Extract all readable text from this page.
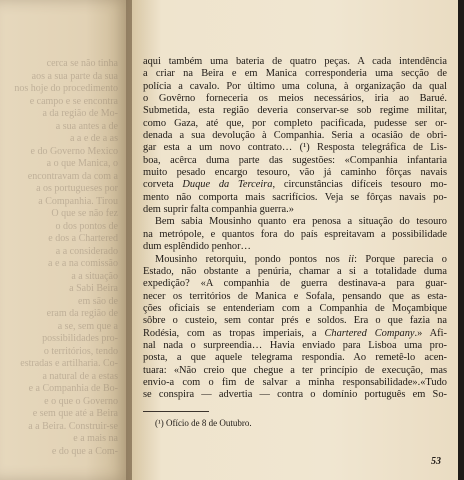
cerca se não tinha
aos a sua parte da sua
nos hoje do procedimento
e campo e se encontra
a da região de Mo-
a sua antes a de
a a e de a as
e do Governo Mexico
a o que Manica, o
encontravam da com a
a os portugueses por
a Companhia. Tirou
O que se não fez
o dos pontos de
e dos a Chartered
a a considerado
a e a na comissão
a a situação
a Sabi Beira
em são de
eram da região de
a se, sem que a
possibilidades pro-
o territórios, tendo
estradas e artilharia. Co-
a natural de a estas
e a Companhia de Bo-
e o que o Governo
e sem que até a Beira
a a Beira. Construir-se
e a mais na
e do que a Com-
aqui também uma bateria de quatro peças. A cada intendência
a criar na Beira e em Manica corresponderia uma secção de
polícia a cavalo. Por último uma coluna, à organização da qual
o Govêrno forneceria os meios necessários, iria ao Barué.
Submetida, esta região deveria conservar-se sob regime militar,
como Gaza, até que, por completo pacificada, pudesse ser or-
denada a sua devolução à Companhia. Seria a ocasião de obri-
gar esta a um novo contrato… (¹) Resposta telegráfica de Lis-
boa, acêrca duma parte das sugestões: «Companhia infantaria
muito pesado encargo tesouro, vão já caminho fôrças navais
corveta Duque da Terceira, circunstâncias difíceis tesouro mo-
mento não comporta mais sacrifícios. Veja se fôrças navais po-
dem suprir falta companhia guerra.»
Bem sabia Mousinho quanto era penosa a situação do tesouro
na metrópole, e quantos fora do país espreitavam a possibilidade
dum esplêndido penhor…
Mousinho retorquiu, pondo pontos nos ii: Porque parecia o
Estado, não obstante a penúria, chamar a si a totalidade duma
expedição? «A companhia de guerra destinava-a para guar-
necer os territórios de Manica e Sofala, pensando que as esta-
ções oficiais se entenderiam com a Companhia de Moçambique
sôbre o custeio, sem contar prés e soldos. Era o que fazia na
Rodésia, com as tropas imperiais, a Chartered Company.» Afi-
nal nada o surpreendia… Havia enviado para Lisboa uma pro-
posta, a que aquele telegrama respondia. Ao remetê-lo acen-
tuara: «Não creio que chegue a ter princípio de execução, mas
envio-a com o fim de salvar a minha responsabilidade».«Tudo
se conspira — advertia — contra o domínio português em So-
(¹) Ofício de 8 de Outubro.
53
